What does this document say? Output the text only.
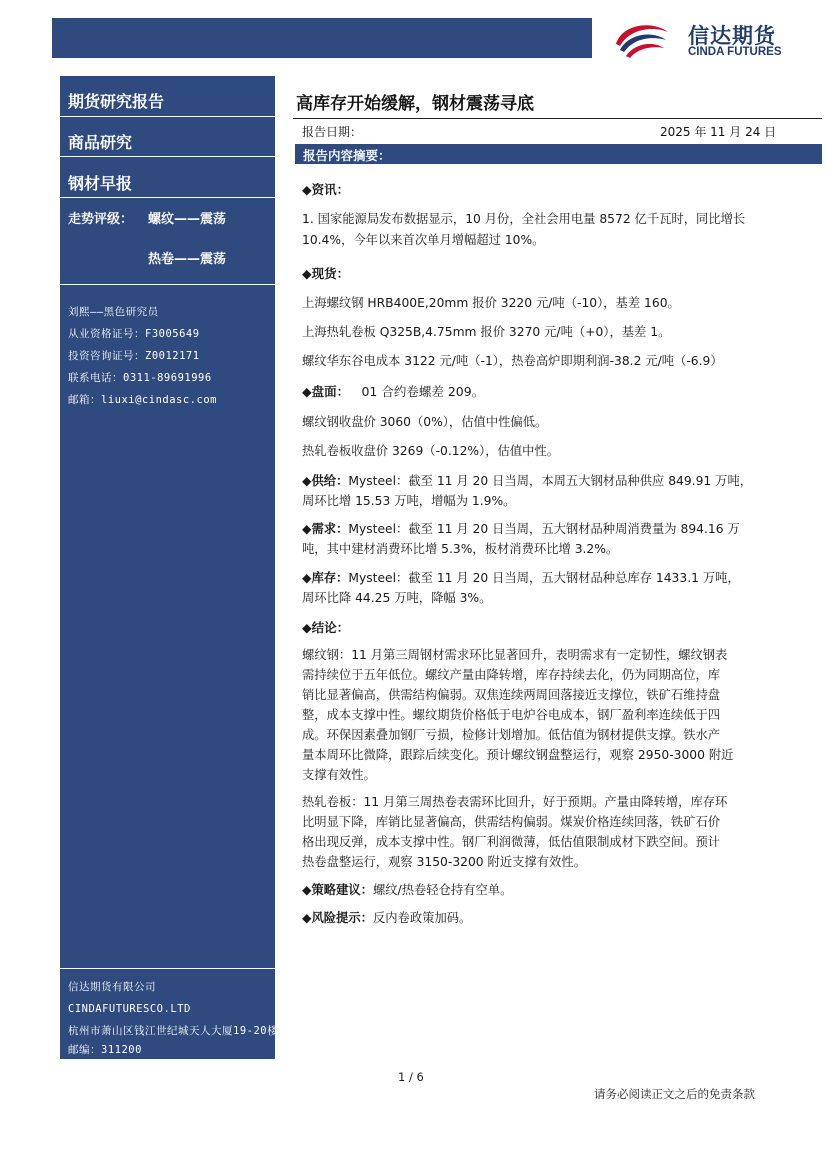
信达期货
CINDA FUTURES
期货研究报告
商品研究
钢材早报
走势评级： 螺纹——震荡
热卷——震荡
刘熙——黑色研究员
从业资格证号：F3005649
投资咨询证号：Z0012171
联系电话：0311-89691996
邮箱：liuxi@cindasc.com
信达期货有限公司
CINDAFUTURESCO.LTD
杭州市萧山区钱江世纪城天人大厦19-20楼
邮编：311200
高库存开始缓解，钢材震荡寻底
报告日期：	2025 年 11 月 24 日
报告内容摘要：
◆资讯：
1. 国家能源局发布数据显示，10 月份，全社会用电量 8572 亿千瓦时，同比增长
10.4%，今年以来首次单月增幅超过 10%。
◆现货：
上海螺纹钢 HRB400E,20mm 报价 3220 元/吨（-10），基差 160。
上海热轧卷板 Q325B,4.75mm 报价 3270 元/吨（+0），基差 1。
螺纹华东谷电成本 3122 元/吨（-1），热卷高炉即期利润-38.2 元/吨（-6.9）
◆盘面： 01 合约卷螺差 209。
螺纹钢收盘价 3060（0%），估值中性偏低。
热轧卷板收盘价 3269（-0.12%），估值中性。
◆供给：Mysteel：截至 11 月 20 日当周，本周五大钢材品种供应 849.91 万吨，
周环比增 15.53 万吨，增幅为 1.9%。
◆需求：Mysteel：截至 11 月 20 日当周，五大钢材品种周消费量为 894.16 万
吨，其中建材消费环比增 5.3%，板材消费环比增 3.2%。
◆库存：Mysteel：截至 11 月 20 日当周，五大钢材品种总库存 1433.1 万吨，
周环比降 44.25 万吨，降幅 3%。
◆结论：
螺纹钢：11 月第三周钢材需求环比显著回升，表明需求有一定韧性，螺纹钢表
需持续位于五年低位。螺纹产量由降转增，库存持续去化，仍为同期高位，库
销比显著偏高，供需结构偏弱。双焦连续两周回落接近支撑位，铁矿石维持盘
整，成本支撑中性。螺纹期货价格低于电炉谷电成本，钢厂盈利率连续低于四
成。环保因素叠加钢厂亏损，检修计划增加。低估值为钢材提供支撑。铁水产
量本周环比微降，跟踪后续变化。预计螺纹钢盘整运行，观察 2950-3000 附近
支撑有效性。
热轧卷板：11 月第三周热卷表需环比回升，好于预期。产量由降转增，库存环
比明显下降，库销比显著偏高，供需结构偏弱。煤炭价格连续回落，铁矿石价
格出现反弹，成本支撑中性。钢厂利润微薄，低估值限制成材下跌空间。预计
热卷盘整运行，观察 3150-3200 附近支撑有效性。
◆策略建议：螺纹/热卷轻仓持有空单。
◆风险提示：反内卷政策加码。
1 / 6
请务必阅读正文之后的免责条款
